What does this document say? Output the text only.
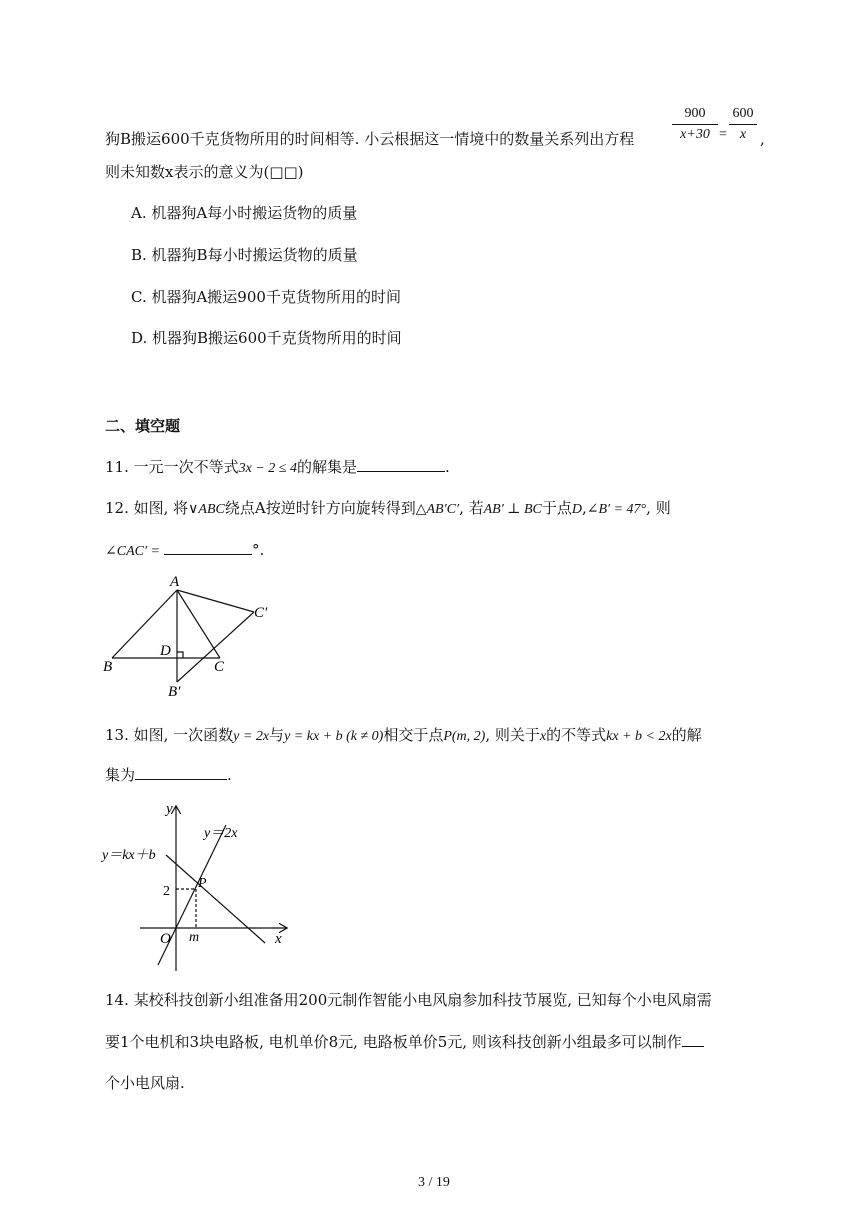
狗B搬运600千克货物所用的时间相等. 小云根据这一情境中的数量关系列出方程
900
x+30 =
600
x ,
则未知数x表示的意义为(□□)
A. 机器狗A每小时搬运货物的质量
B. 机器狗B每小时搬运货物的质量
C. 机器狗A搬运900千克货物所用的时间
D. 机器狗B搬运600千克货物所用的时间
二、填空题
11. 一元一次不等式3x − 2 ≤ 4的解集是	.
12. 如图, 将∨ABC绕点A按逆时针方向旋转得到△AB′C′, 若AB′ ⊥ BC于点D,∠B′ = 47°, 则
∠CAC′ =	°.
A
B	C
D
B′
C′
13. 如图, 一次函数y = 2x与y = kx + b (k ≠ 0)相交于点P(m, 2), 则关于x的不等式kx + b < 2x的解
集为	.
y
x
O
y＝2x
y＝kx＋b
2
P
m
14. 某校科技创新小组准备用200元制作智能小电风扇参加科技节展览, 已知每个小电风扇需
要1个电机和3块电路板, 电机单价8元, 电路板单价5元, 则该科技创新小组最多可以制作
个小电风扇.
3 / 19
